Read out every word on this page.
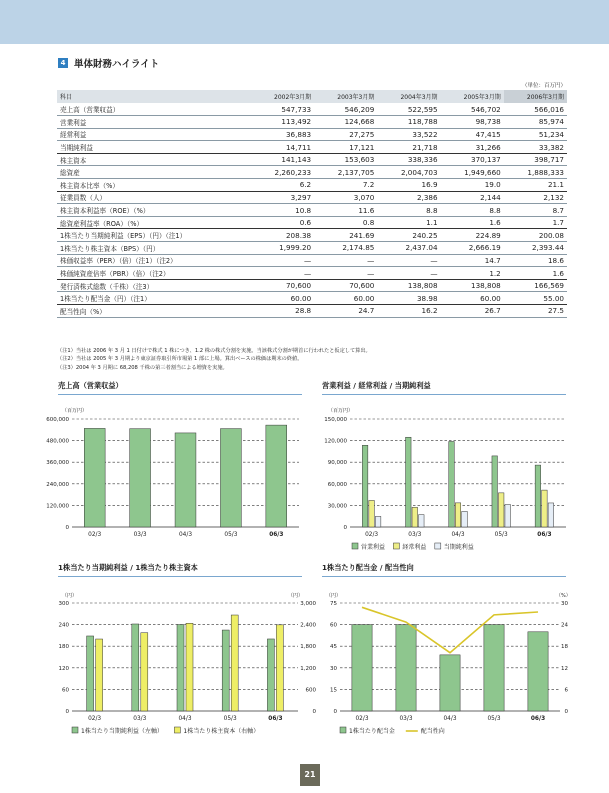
4 単体財務ハイライト
（単位：百万円）
科目	2002年3月期	2003年3月期	2004年3月期	2005年3月期	2006年3月期
売上高（営業収益）	547,733	546,209	522,595	546,702	566,016
営業利益	113,492	124,668	118,788	98,738	85,974
経常利益	36,883	27,275	33,522	47,415	51,234
当期純利益	14,711	17,121	21,718	31,266	33,382
株主資本	141,143	153,603	338,336	370,137	398,717
総資産	2,260,233	2,137,705	2,004,703	1,949,660	1,888,333
株主資本比率（%）	6.2	7.2	16.9	19.0	21.1
従業員数（人）	3,297	3,070	2,386	2,144	2,132
株主資本利益率（ROE）（%）	10.8	11.6	8.8	8.8	8.7
総資産利益率（ROA）（%）	0.6	0.8	1.1	1.6	1.7
1株当たり当期純利益（EPS）（円）（注1）	208.38	241.69	240.25	224.89	200.08
1株当たり株主資本（BPS）（円）	1,999.20	2,174.85	2,437.04	2,666.19	2,393.44
株価収益率（PER）（倍）（注1）（注2）	—	—	—	14.7	18.6
株価純資産倍率（PBR）（倍）（注2）	—	—	—	1.2	1.6
発行済株式総数（千株）（注3）	70,600	70,600	138,808	138,808	166,569
1株当たり配当金（円）（注1）	60.00	60.00	38.98	60.00	55.00
配当性向（%）	28.8	24.7	16.2	26.7	27.5
（注1）当社は 2006 年 3 月 1 日付けで株式 1 株につき、1.2 株の株式分割を実施。当該株式分割が期首に行われたと仮定して算出。
（注2）当社は 2005 年 3 月期より東京証券取引所市場第 1 部に上場。算出ベースの株価は期末の終値。
（注3）2004 年 3 月期に 68,208 千株の第三者割当による増資を実施。
売上高（営業収益）	営業利益 / 経常利益 / 当期純利益
1株当たり当期純利益 / 1株当たり株主資本	1株当たり配当金 / 配当性向
（百万円）
0
120,000
240,000
360,000
480,000
600,000
02/3	03/3	04/3	05/3	06/3
（百万円）
0
30,000
60,000
90,000
120,000
150,000
02/3	03/3	04/3	05/3	06/3
営業利益	経常利益	当期純利益
（円）	（円）
0
60
120
180
240
300
0
600
1,200
1,800
2,400
3,000
02/3	03/3	04/3	05/3	06/3
1株当たり当期純利益（左軸）	1株当たり株主資本（右軸）
（円）	（%）
0
15
30
45
60
75
0
6
12
18
24
30
02/3	03/3	04/3	05/3	06/3
1株当たり配当金	配当性向
21
